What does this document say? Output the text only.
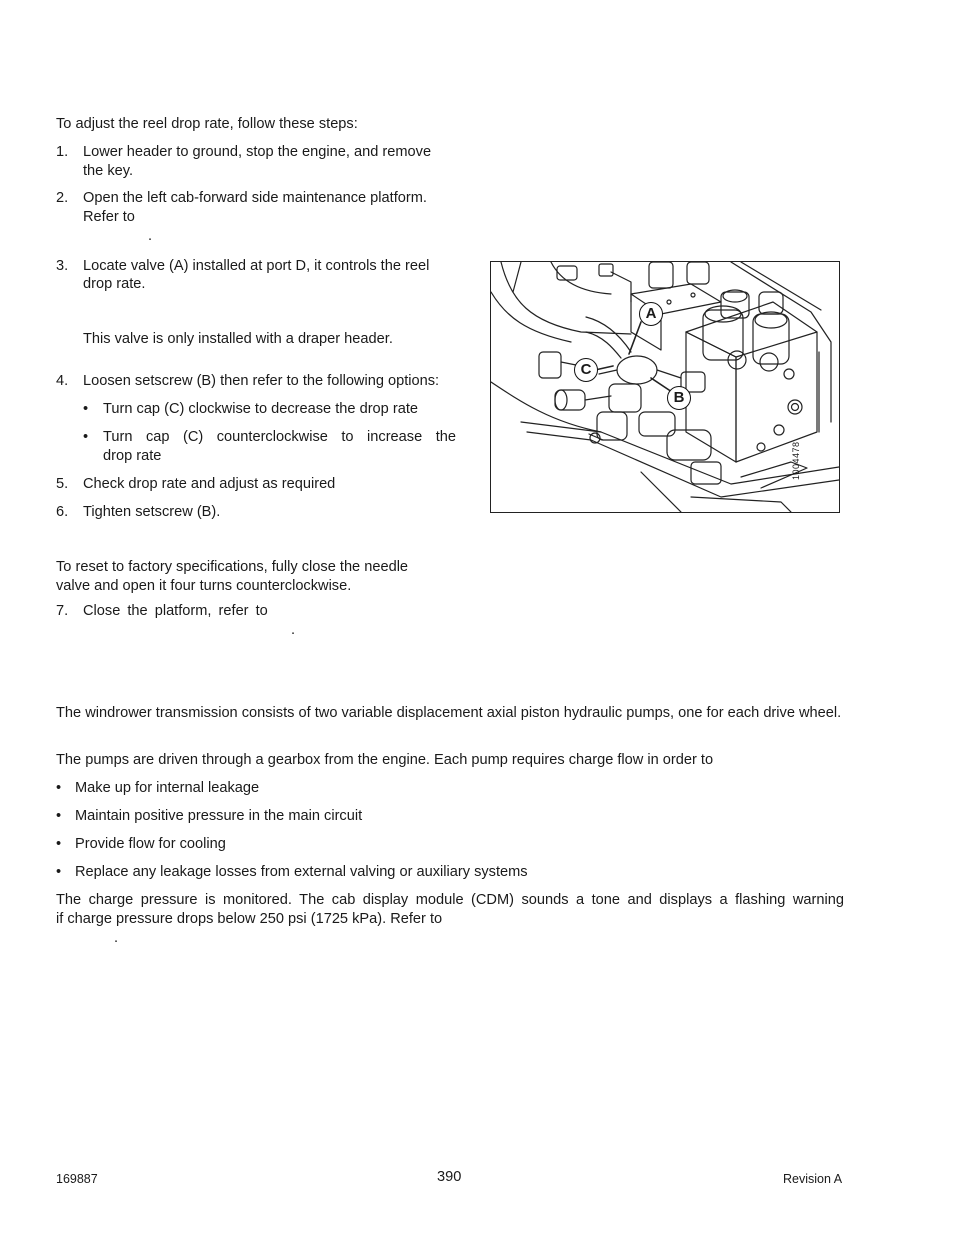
To adjust the reel drop rate, follow these steps:

1. Lower header to ground, stop the engine, and remove
the key.
2. Open the left cab-forward side maintenance platform.
Refer to
.
3. Locate valve (A) installed at port D, it controls the reel
drop rate.

This valve is only installed with a draper header.

4. Loosen setscrew (B) then refer to the following options:
• Turn cap (C) clockwise to decrease the drop rate
• Turn cap (C) counterclockwise to increase the
drop rate
5. Check drop rate and adjust as required
6. Tighten setscrew (B).

To reset to factory specifications, fully close the needle

valve and open it four turns counterclockwise.

7. Close the platform, refer to
.
A
B
C
1004478

The windrower transmission consists of two variable displacement axial piston hydraulic pumps, one for each drive wheel.

The pumps are driven through a gearbox from the engine. Each pump requires charge flow in order to

• Make up for internal leakage
• Maintain positive pressure in the main circuit
• Provide flow for cooling
• Replace any leakage losses from external valving or auxiliary systems

The charge pressure is monitored. The cab display module (CDM) sounds a tone and displays a flashing warning

if charge pressure drops below 250 psi (1725 kPa). Refer to

.

169887	390	Revision A
